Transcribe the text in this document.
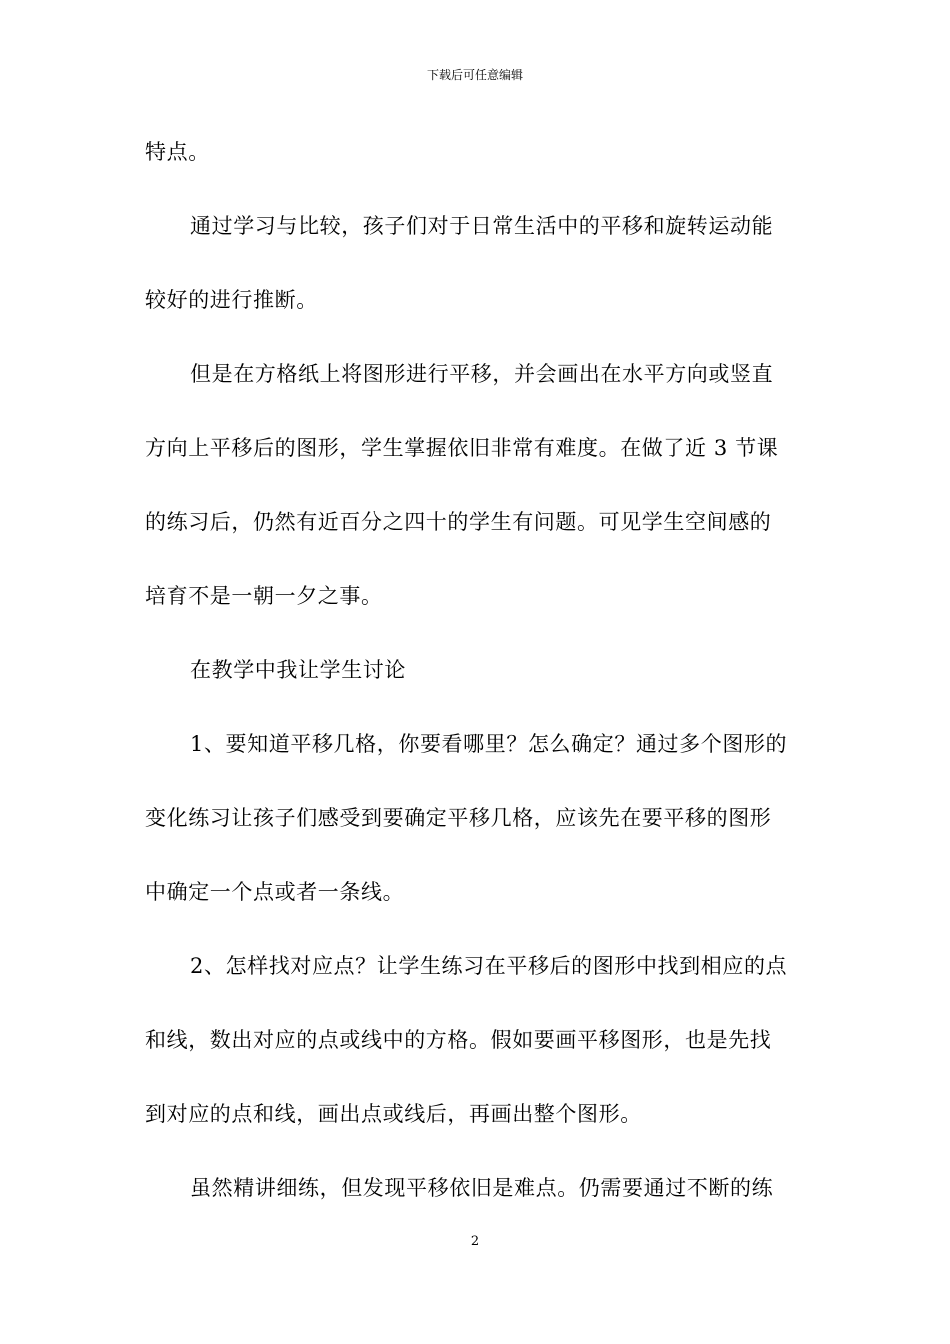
下载后可任意编辑
特点。
通过学习与比较，孩子们对于日常生活中的平移和旋转运动能
较好的进行推断。
但是在方格纸上将图形进行平移，并会画出在水平方向或竖直
方向上平移后的图形，学生掌握依旧非常有难度。在做了近 3 节课
的练习后，仍然有近百分之四十的学生有问题。可见学生空间感的
培育不是一朝一夕之事。
在教学中我让学生讨论
1、要知道平移几格，你要看哪里？怎么确定？通过多个图形的
变化练习让孩子们感受到要确定平移几格，应该先在要平移的图形
中确定一个点或者一条线。
2、怎样找对应点？让学生练习在平移后的图形中找到相应的点
和线，数出对应的点或线中的方格。假如要画平移图形，也是先找
到对应的点和线，画出点或线后，再画出整个图形。
虽然精讲细练，但发现平移依旧是难点。仍需要通过不断的练
2
